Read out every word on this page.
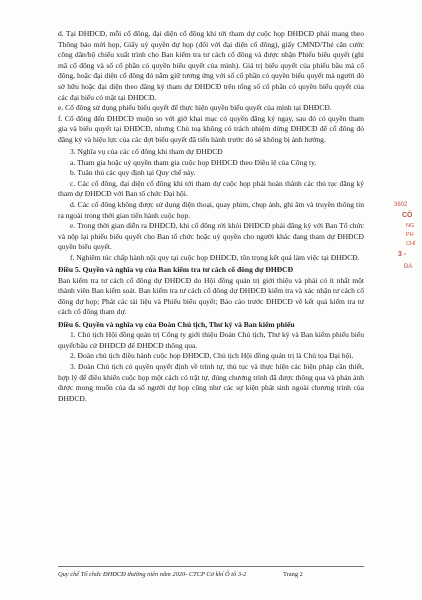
d. Tại ĐHĐCĐ, mỗi cổ đông, đại diện cổ đông khi tới tham dự cuộc họp ĐHĐCĐ phải mang theo Thông báo mời họp, Giấy uỷ quyền dự họp (đối với đại diện cổ đông), giấy CMND/Thẻ căn cước công dân/hộ chiếu xuất trình cho Ban kiểm tra tư cách cổ đông và được nhận Phiếu biểu quyết (ghi mã cổ đông và số cổ phần có quyền biểu quyết của mình). Giá trị biểu quyết của phiếu bầu mà cổ đông, hoặc đại diện cổ đông đó nắm giữ tương ứng với số cổ phần có quyền biểu quyết mà người đó sở hữu hoặc đại diện theo đăng ký tham dự ĐHĐCĐ trên tổng số cổ phần có quyền biểu quyết của các đại biểu có mặt tại ĐHĐCĐ.

e. Cổ đông sử dụng phiếu biểu quyết để thực hiện quyền biểu quyết của mình tại ĐHĐCĐ.

f. Cổ đông đến ĐHĐCĐ muộn so với giờ khai mạc có quyền đăng ký ngay, sau đó có quyền tham gia và biểu quyết tại ĐHĐCĐ, nhưng Chủ toạ không có trách nhiệm dừng ĐHĐCĐ để cổ đông đó đăng ký và hiệu lực của các đợt biểu quyết đã tiến hành trước đó sẽ không bị ảnh hưởng.

3. Nghĩa vụ của các cổ đông khi tham dự ĐHĐCĐ

a. Tham gia hoặc uỷ quyền tham gia cuộc họp ĐHĐCĐ theo Điều lệ của Công ty.

b. Tuân thủ các quy định tại Quy chế này.

c. Các cổ đông, đại diện cổ đông khi tới tham dự cuộc họp phải hoàn thành các thủ tục đăng ký tham dự ĐHĐCĐ với Ban tổ chức Đại hội.

d. Các cổ đông không được sử dụng điện thoại, quay phim, chụp ảnh, ghi âm và truyền thông tin ra ngoài trong thời gian tiến hành cuộc họp.

e. Trong thời gian diễn ra ĐHĐCĐ, khi cổ đông rời khỏi ĐHĐCĐ phải đăng ký với Ban Tổ chức và nộp lại phiếu biểu quyết cho Ban tổ chức hoặc uỷ quyền cho người khác đang tham dự ĐHĐCĐ quyền biểu quyết.

f. Nghiêm túc chấp hành nội quy tại cuộc họp ĐHĐCĐ, tôn trọng kết quả làm việc tại ĐHĐCĐ.

Điều 5. Quyền và nghĩa vụ của Ban kiểm tra tư cách cổ đông dự ĐHĐCĐ

Ban kiểm tra tư cách cổ đông dự ĐHĐCĐ do Hội đồng quản trị giới thiệu và phải có ít nhất một thành viên Ban kiểm soát. Ban kiểm tra tư cách cổ đông dự ĐHĐCĐ kiểm tra và xác nhận tư cách cổ đông dự họp; Phát các tài liệu và Phiếu biểu quyết; Báo cáo trước ĐHĐCĐ về kết quả kiểm tra tư cách cổ đông tham dự.

Điều 6. Quyền và nghĩa vụ của Đoàn Chủ tịch, Thư ký và Ban kiểm phiếu

1. Chủ tịch Hội đồng quản trị Công ty giới thiệu Đoàn Chủ tịch, Thư ký và Ban kiểm phiếu biểu quyết/bầu cử ĐHĐCĐ để ĐHĐCĐ thông qua.

2. Đoàn chủ tịch điều hành cuộc họp ĐHĐCĐ, Chủ tịch Hội đồng quản trị là Chủ tọa Đại hội.

3. Đoàn Chủ tịch có quyền quyết định về trình tự, thủ tục và thực hiện các biện pháp cần thiết, hợp lý để điều khiển cuộc họp một cách có trật tự, đúng chương trình đã được thông qua và phản ánh được mong muốn của đa số người dự họp cũng như các sự kiện phát sinh ngoài chương trình của ĐHĐCĐ.

3802
CÔ
NG
PH
CHÍ
3 -
ĐA
Quy chế Tổ chức ĐHĐCĐ thường niên năm 2020- CTCP Cơ khí Ô tô 3-2	Trang 2
